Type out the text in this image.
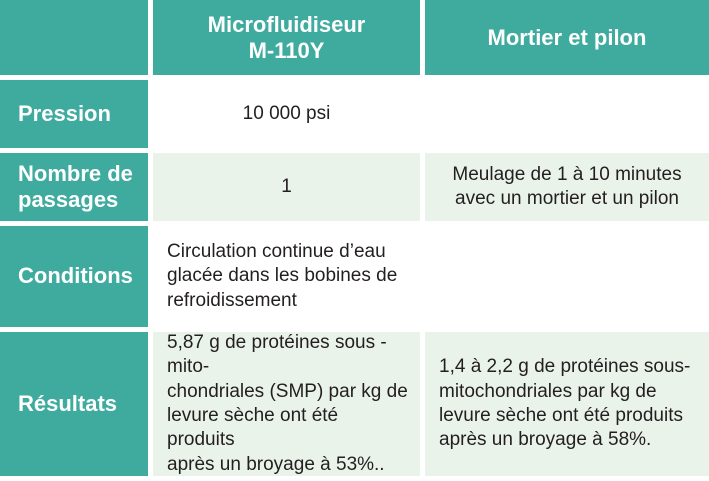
Microfluidiseur
M-110Y
Mortier et pilon
Pression	10 000 psi
Nombre de
passages
1
Meulage de 1 à 10 minutes
avec un mortier et un pilon
Conditions
Circulation continue d’eau
glacée dans les bobines de
refroidissement
Résultats
5,87 g de protéines sous -mito-
chondriales (SMP) par kg de
levure sèche ont été produits
après un broyage à 53%..
1,4 à 2,2 g de protéines sous-
mitochondriales par kg de
levure sèche ont été produits
après un broyage à 58%.
